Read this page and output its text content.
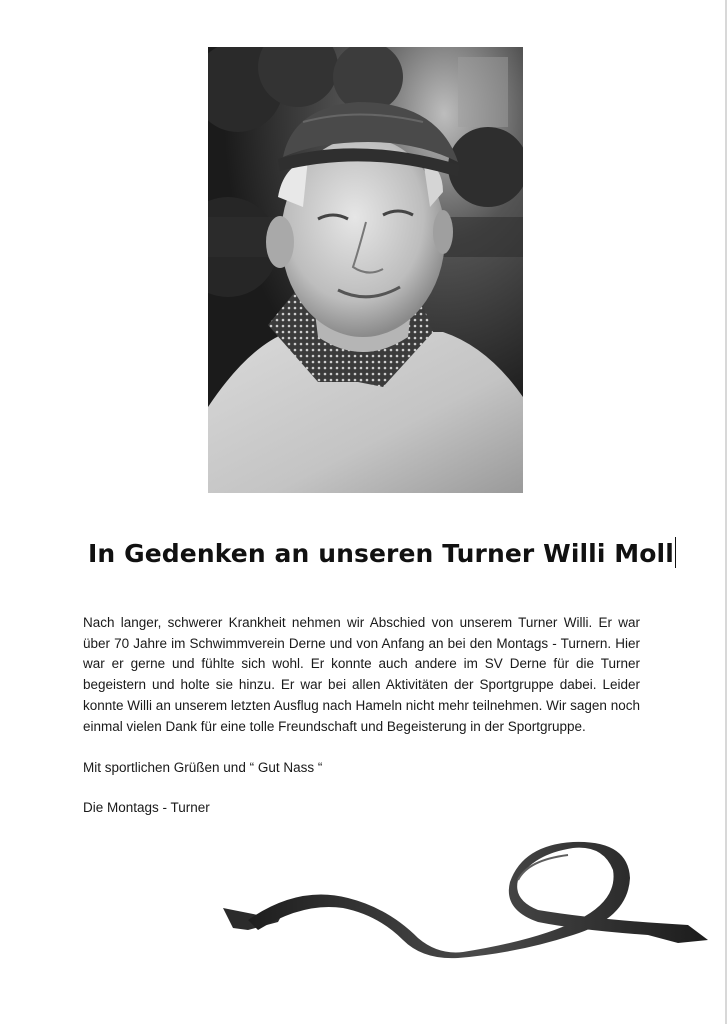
In Gedenken an unseren Turner Willi Moll

Nach langer, schwerer Krankheit nehmen wir Abschied von unserem Turner Willi. Er war über 70 Jahre im Schwimmverein Derne und von Anfang an bei den Montags - Turnern. Hier war er gerne und fühlte sich wohl. Er konnte auch andere im SV Derne für die Turner begeistern und holte sie hinzu. Er war bei allen Aktivitäten der Sportgruppe dabei. Leider konnte Willi an unserem letzten Ausflug nach Hameln nicht mehr teilnehmen. Wir sagen noch einmal vielen Dank für eine tolle Freundschaft und Begeisterung in der Sportgruppe.

Mit sportlichen Grüßen und “ Gut Nass “

Die Montags - Turner
